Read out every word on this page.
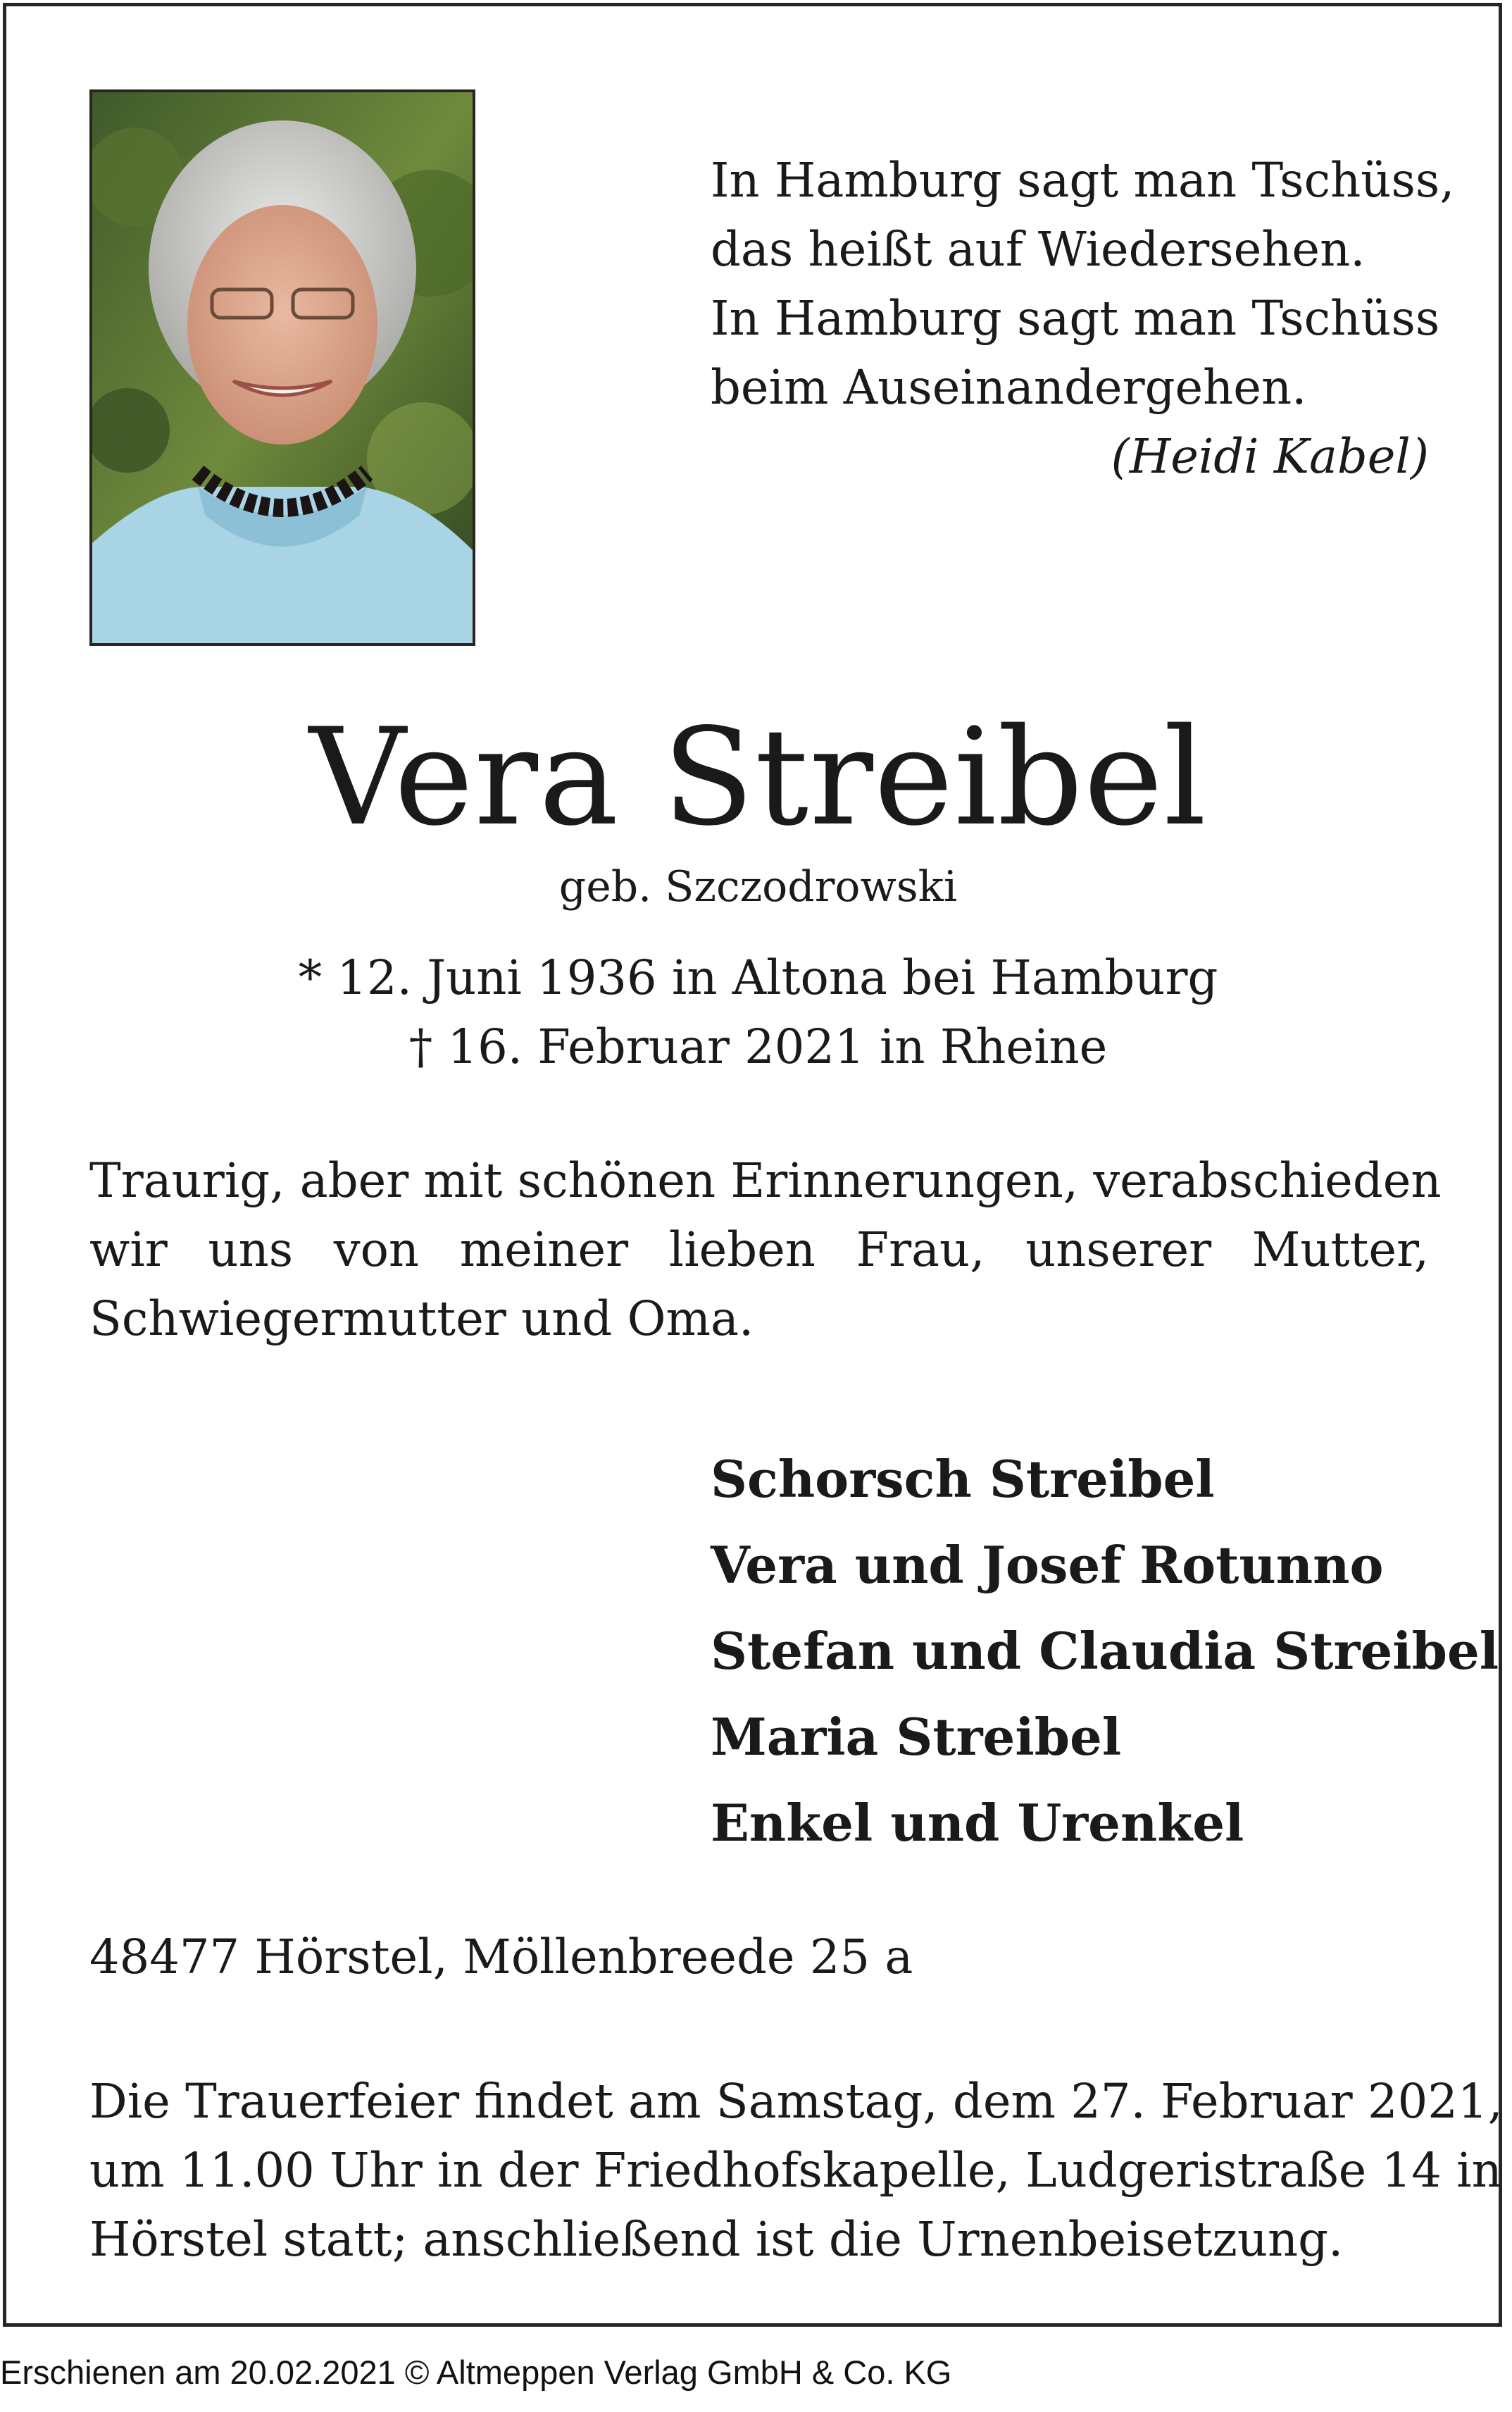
In Hamburg sagt man Tschüss,
das heißt auf Wiedersehen.
In Hamburg sagt man Tschüss
beim Auseinandergehen.
(Heidi Kabel)
Vera Streibel
geb. Szczodrowski
* 12. Juni 1936 in Altona bei Hamburg
† 16. Februar 2021 in Rheine
Traurig, aber mit schönen Erinnerungen, verabschieden
wir uns von meiner lieben Frau, unserer Mutter,
Schwiegermutter und Oma.
Schorsch Streibel
Vera und Josef Rotunno
Stefan und Claudia Streibel
Maria Streibel
Enkel und Urenkel
48477 Hörstel, Möllenbreede 25 a
Die Trauerfeier findet am Samstag, dem 27. Februar 2021,
um 11.00 Uhr in der Friedhofskapelle, Ludgeristraße 14 in
Hörstel statt; anschließend ist die Urnenbeisetzung.
Erschienen am 20.02.2021 © Altmeppen Verlag GmbH & Co. KG
